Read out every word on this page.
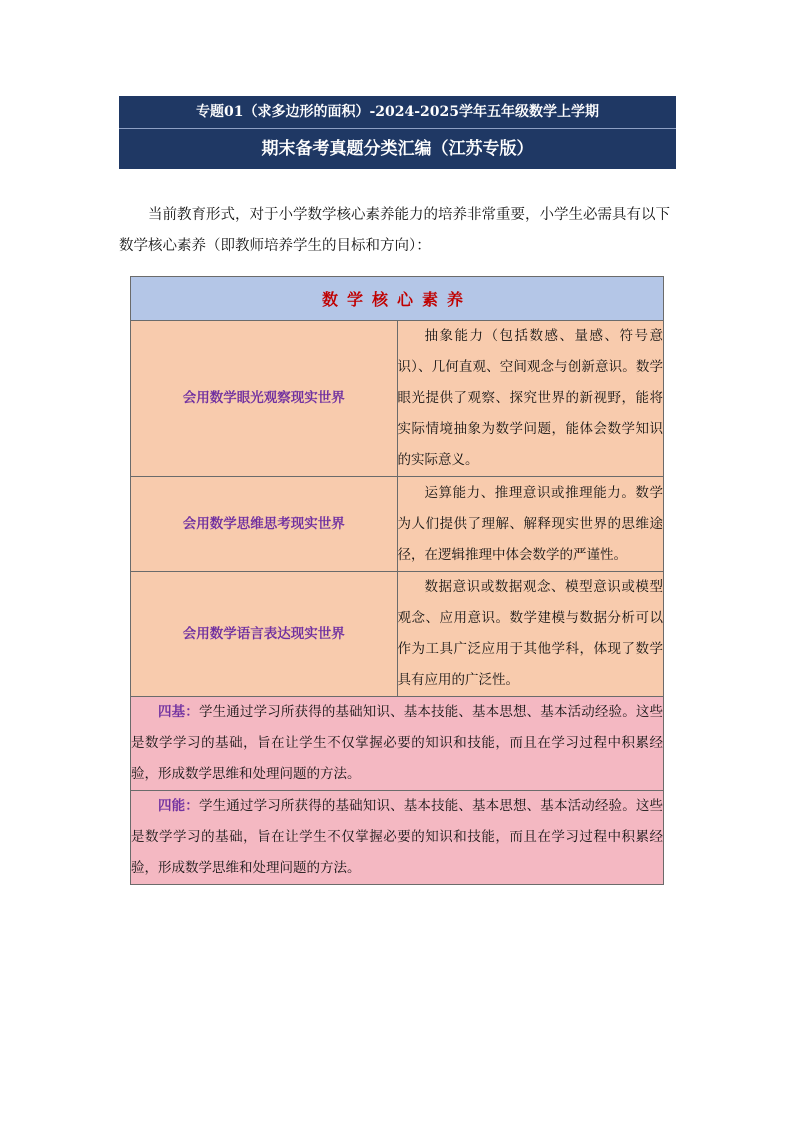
专题01（求多边形的面积）-2024-2025学年五年级数学上学期
期末备考真题分类汇编（江苏专版）

当前教育形式，对于小学数学核心素养能力的培养非常重要，小学生必需具有以下数学核心素养（即教师培养学生的目标和方向）：

数学核心素养	
会用数学眼光观察现实世界	抽象能力（包括数感、量感、符号意识）、几何直观、空间观念与创新意识。数学眼光提供了观察、探究世界的新视野，能将实际情境抽象为数学问题，能体会数学知识的实际意义。
会用数学思维思考现实世界	运算能力、推理意识或推理能力。数学为人们提供了理解、解释现实世界的思维途径，在逻辑推理中体会数学的严谨性。
会用数学语言表达现实世界	数据意识或数据观念、模型意识或模型观念、应用意识。数学建模与数据分析可以作为工具广泛应用于其他学科，体现了数学具有应用的广泛性。
四基：学生通过学习所获得的基础知识、基本技能、基本思想、基本活动经验。这些是数学学习的基础，旨在让学生不仅掌握必要的知识和技能，而且在学习过程中积累经验，形成数学思维和处理问题的方法。	
四能：学生通过学习所获得的基础知识、基本技能、基本思想、基本活动经验。这些是数学学习的基础，旨在让学生不仅掌握必要的知识和技能，而且在学习过程中积累经验，形成数学思维和处理问题的方法。	
